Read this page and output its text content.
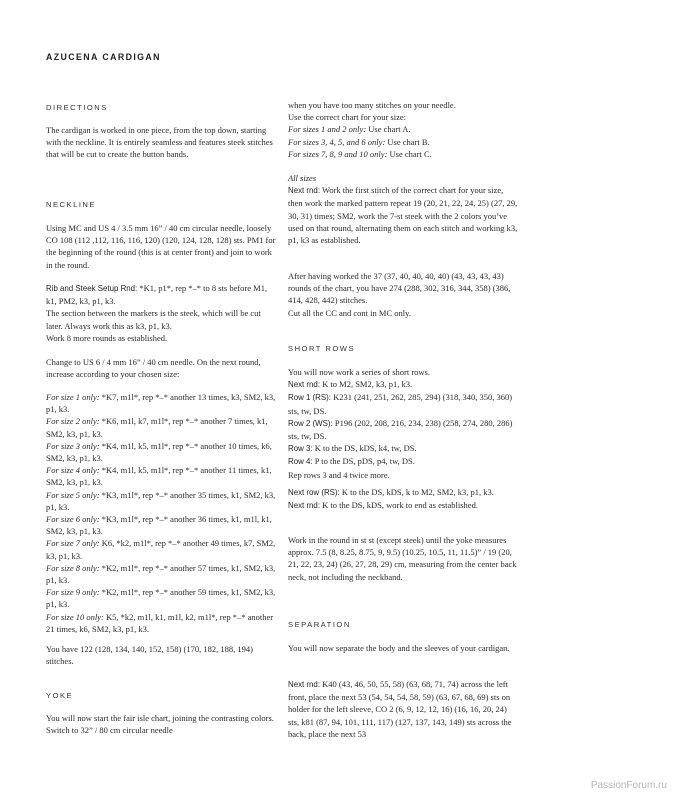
AZUCENA CARDIGAN
DIRECTIONS

The cardigan is worked in one piece, from the top down, starting with the neckline. It is entirely seamless and features steek stitches that will be cut to create the button bands.

NECKLINE

Using MC and US 4 / 3.5 mm 16” / 40 cm circular needle, loosely CO 108 (112 ,112, 116, 116, 120) (120, 124, 128, 128) sts. PM1 for the beginning of the round (this is at center front) and join to work in the round.

Rib and Steek Setup Rnd: *K1, p1*, rep *–* to 8 sts before M1, k1, PM2, k3, p1, k3.

The section between the markers is the steek, which will be cut later. Always work this as k3, p1, k3.

Work 8 more rounds as established.

Change to US 6 / 4 mm 16” / 40 cm needle. On the next round, increase according to your chosen size:

For size 1 only: *K7, m1l*, rep *–* another 13 times, k3, SM2, k3, p1, k3.

For size 2 only: *K6, m1l, k7, m1l*, rep *–* another 7 times, k1, SM2, k3, p1, k3.

For size 3 only: *K4, m1l, k5, m1l*, rep *–* another 10 times, k6, SM2, k3, p1, k3.

For size 4 only: *K4, m1l, k5, m1l*, rep *–* another 11 times, k1, SM2, k3, p1, k3.

For size 5 only: *K3, m1l*, rep *–* another 35 times, k1, SM2, k3, p1, k3.

For size 6 only: *K3, m1l*, rep *–* another 36 times, k1, m1l, k1, SM2, k3, p1, k3.

For size 7 only: K6, *k2, m1l*, rep *–* another 49 times, k7, SM2, k3, p1, k3.

For size 8 only: *K2, m1l*, rep *–* another 57 times, k1, SM2, k3, p1, k3.

For size 9 only: *K2, m1l*, rep *–* another 59 times, k1, SM2, k3, p1, k3.

For size 10 only: K5, *k2, m1l, k1, m1l, k2, m1l*, rep *–* another 21 times, k6, SM2, k3, p1, k3.

You have 122 (128, 134, 140, 152, 158) (170, 182, 188, 194) stitches.

YOKE

You will now start the fair isle chart, joining the contrasting colors. Switch to 32” / 80 cm circular needle

when you have too many stitches on your needle.

Use the correct chart for your size:

For sizes 1 and 2 only: Use chart A.

For sizes 3, 4, 5, and 6 only: Use chart B.

For sizes 7, 8, 9 and 10 only: Use chart C.

All sizes

Next rnd: Work the first stitch of the correct chart for your size, then work the marked pattern repeat 19 (20, 21, 22, 24, 25) (27, 29, 30, 31) times; SM2, work the 7-st steek with the 2 colors you’ve used on that round, alternating them on each stitch and working k3, p1, k3 as established.

After having worked the 37 (37, 40, 40, 40, 40) (43, 43, 43, 43) rounds of the chart, you have 274 (288, 302, 316, 344, 358) (386, 414, 428, 442) stitches.

Cut all the CC and cont in MC only.

SHORT ROWS

You will now work a series of short rows.

Next rnd: K to M2, SM2, k3, p1, k3.

Row 1 (RS): K231 (241, 251, 262, 285, 294) (318, 340, 350, 360) sts, tw, DS.

Row 2 (WS): P196 (202, 208, 216, 234, 238) (258, 274, 280, 286) sts, tw, DS.

Row 3: K to the DS, kDS, k4, tw, DS.

Row 4: P to the DS, pDS, p4, tw, DS.

Rep rows 3 and 4 twice more.

Next row (RS): K to the DS, kDS, k to M2, SM2, k3, p1, k3.

Next rnd: K to the DS, kDS, work to end as established.

Work in the round in st st (except steek) until the yoke measures approx. 7.5 (8, 8.25, 8.75, 9, 9.5) (10.25, 10.5, 11, 11.5)” / 19 (20, 21, 22, 23, 24) (26, 27, 28, 29) cm, measuring from the center back neck, not including the neckband.

SEPARATION

You will now separate the body and the sleeves of your cardigan.

Next rnd: K40 (43, 46, 50, 55, 58) (63, 68, 71, 74) across the left front, place the next 53 (54, 54, 54, 58, 59) (63, 67, 68, 69) sts on holder for the left sleeve, CO 2 (6, 9, 12, 12, 16) (16, 16, 20, 24) sts, k81 (87, 94, 101, 111, 117) (127, 137, 143, 149) sts across the back, place the next 53

PassionForum.ru
